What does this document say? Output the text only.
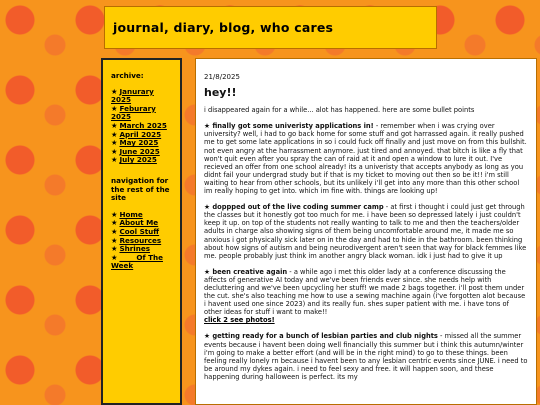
journal, diary, blog, who cares
archive:
★ Janurary 2025
★ Feburary 2025
★ March 2025
★ April 2025
★ May 2025
★ June 2025
★ July 2025
navigation for the rest of the site
★ Home
★ About Me
★ Cool Stuff
★ Resources
★ Shrines
★ ____ Of The Week
21/8/2025
hey!!

i disappeared again for a while... alot has happened. here are some bullet points

★ finally got some univeristy applications in! - remember when i was crying over university? well, i had to go back home for some stuff and got harrassed again. it really pushed me to get some late applications in so i could fuck off finally and just move on from this bullshit. not even angry at the harrassment anymore. just tired and annoyed. that bitch is like a fly that won't quit even after you spray the can of raid at it and open a window to lure it out. I've recieved an offer from one school already! its a univeristy that accepts anybody as long as you didnt fail your undergrad study but if that is my ticket to moving out then so be it!! i'm still waiting to hear from other schools, but its unlikely i'll get into any more than this other school im really hoping to get into. which im fine with. things are looking up!

★ doppped out of the live coding summer camp - at first i thought i could just get through the classes but it honestly got too much for me. i have been so depressed lately i just couldn't keep it up. on top of the students not really wanting to talk to me and then the teachers/older adults in charge also showing signs of them being uncomfortable around me, it made me so anxious i got physically sick later on in the day and had to hide in the bathroom. been thinking about how signs of autism and being neurodivergent aren't seen that way for black femmes like me. people probably just think im another angry black woman. idk i just had to give it up

★ been creative again - a while ago i met this older lady at a conference discussing the affects of generative AI today and we've been friends ever since. she needs help with decluttering and we've been upcycling her stuff! we made 2 bags together. i'll post them under the cut. she's also teaching me how to use a sewing machine again (i've forgotten alot because i havent used one since 2023) and its really fun. shes super patient with me. i have tons of other ideas for stuff i want to make!!
click 2 see photos!

★ getting ready for a bunch of lesbian parties and club nights - missed all the summer events because i havent been doing well financially this summer but i think this autumn/winter i'm going to make a better effort (and will be in the right mind) to go to these things. been feeling really lonely rn because i havent been to any lesbian centric events since JUNE. i need to be around my dykes again. i need to feel sexy and free. it will happen soon, and these happening during halloween is perfect. its my
